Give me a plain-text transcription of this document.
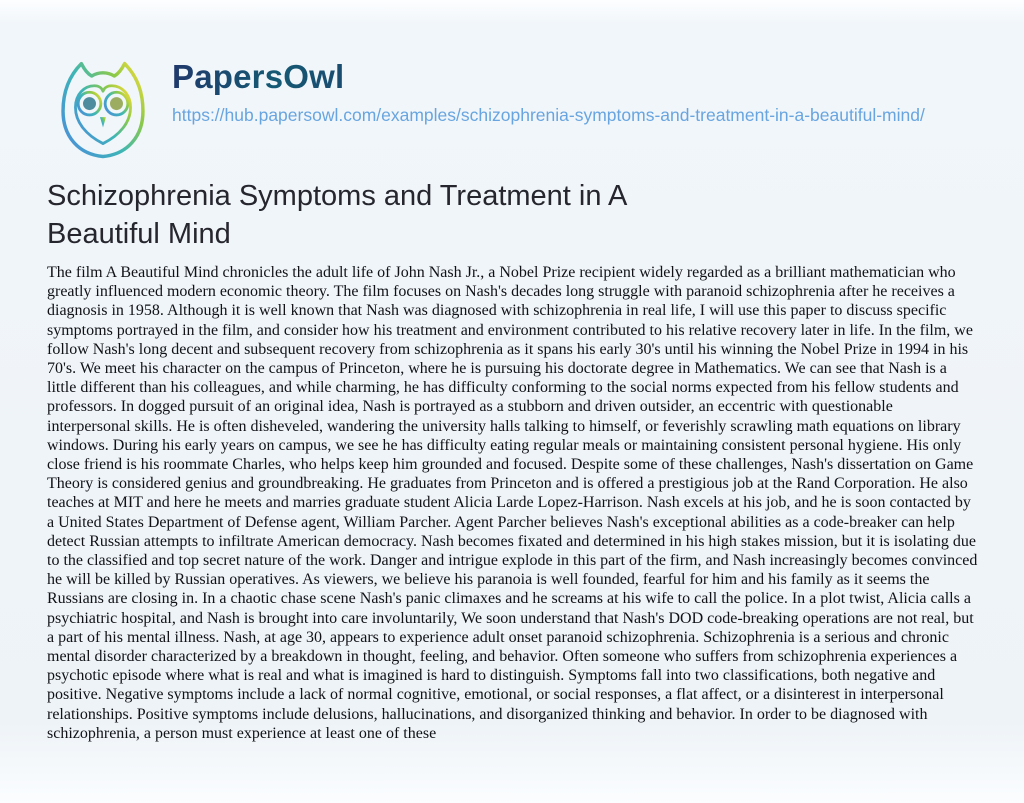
PapersOwl
https://hub.papersowl.com/examples/schizophrenia-symptoms-and-treatment-in-a-beautiful-mind/
Schizophrenia Symptoms and Treatment in A Beautiful Mind
The film A Beautiful Mind chronicles the adult life of John Nash Jr., a Nobel Prize recipient widely regarded as a brilliant mathematician who greatly influenced modern economic theory. The film focuses on Nash's decades long struggle with paranoid schizophrenia after he receives a diagnosis in 1958. Although it is well known that Nash was diagnosed with schizophrenia in real life, I will use this paper to discuss specific symptoms portrayed in the film, and consider how his treatment and environment contributed to his relative recovery later in life. In the film, we follow Nash's long decent and subsequent recovery from schizophrenia as it spans his early 30's until his winning the Nobel Prize in 1994 in his 70's. We meet his character on the campus of Princeton, where he is pursuing his doctorate degree in Mathematics. We can see that Nash is a little different than his colleagues, and while charming, he has difficulty conforming to the social norms expected from his fellow students and professors. In dogged pursuit of an original idea, Nash is portrayed as a stubborn and driven outsider, an eccentric with questionable interpersonal skills. He is often disheveled, wandering the university halls talking to himself, or feverishly scrawling math equations on library windows. During his early years on campus, we see he has difficulty eating regular meals or maintaining consistent personal hygiene. His only close friend is his roommate Charles, who helps keep him grounded and focused. Despite some of these challenges, Nash's dissertation on Game Theory is considered genius and groundbreaking. He graduates from Princeton and is offered a prestigious job at the Rand Corporation. He also teaches at MIT and here he meets and marries graduate student Alicia Larde Lopez-Harrison. Nash excels at his job, and he is soon contacted by a United States Department of Defense agent, William Parcher. Agent Parcher believes Nash's exceptional abilities as a code-breaker can help detect Russian attempts to infiltrate American democracy. Nash becomes fixated and determined in his high stakes mission, but it is isolating due to the classified and top secret nature of the work. Danger and intrigue explode in this part of the firm, and Nash increasingly becomes convinced he will be killed by Russian operatives. As viewers, we believe his paranoia is well founded, fearful for him and his family as it seems the Russians are closing in. In a chaotic chase scene Nash's panic climaxes and he screams at his wife to call the police. In a plot twist, Alicia calls a psychiatric hospital, and Nash is brought into care involuntarily, We soon understand that Nash's DOD code-breaking operations are not real, but a part of his mental illness. Nash, at age 30, appears to experience adult onset paranoid schizophrenia. Schizophrenia is a serious and chronic mental disorder characterized by a breakdown in thought, feeling, and behavior. Often someone who suffers from schizophrenia experiences a psychotic episode where what is real and what is imagined is hard to distinguish. Symptoms fall into two classifications, both negative and positive. Negative symptoms include a lack of normal cognitive, emotional, or social responses, a flat affect, or a disinterest in interpersonal relationships. Positive symptoms include delusions, hallucinations, and disorganized thinking and behavior. In order to be diagnosed with schizophrenia, a person must experience at least one of these
